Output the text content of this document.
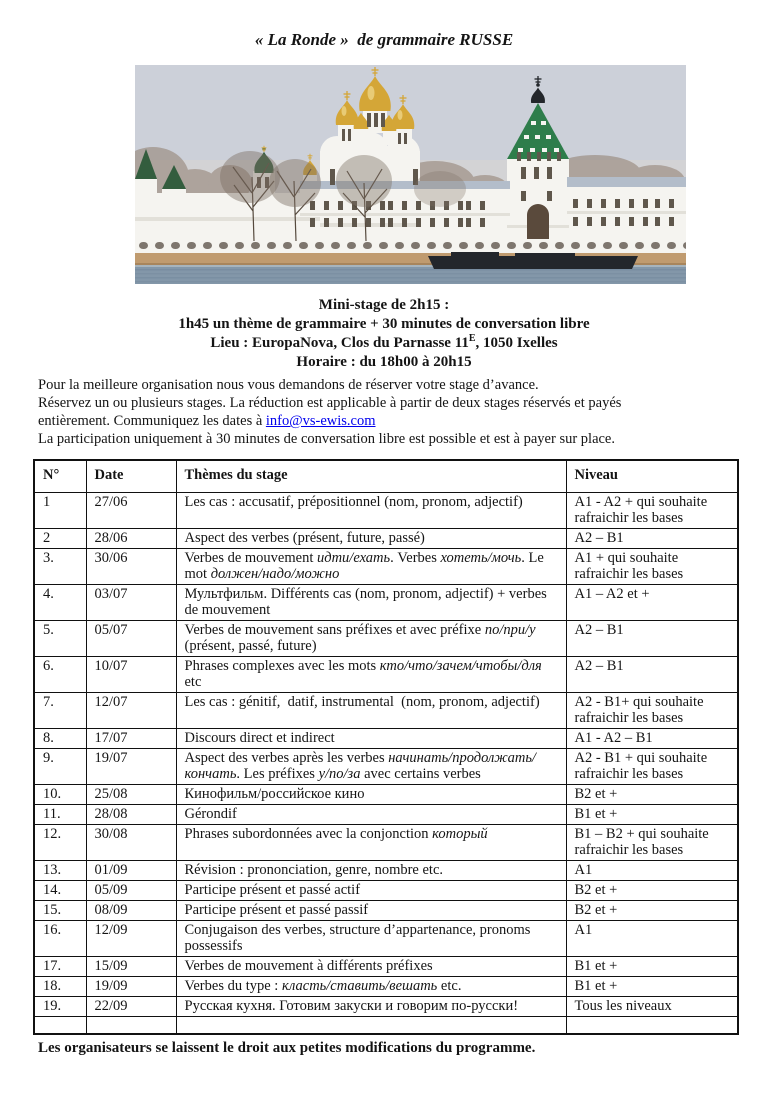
« La Ronde »  de grammaire RUSSE
Mini-stage de 2h15 :
1h45 un thème de grammaire + 30 minutes de conversation libre
Lieu : EuropaNova, Clos du Parnasse $11^E$, 1050 Ixelles
Horaire : du 18h00 à 20h15
Pour la meilleure organisation nous vous demandons de réserver votre stage d’avance.
Réservez un ou plusieurs stages. La réduction est applicable à partir de deux stages réservés et payés
entièrement. Communiquez les dates à info@vs-ewis.com
La participation uniquement à 30 minutes de conversation libre est possible et est à payer sur place.
N°	Date	Thèmes du stage	Niveau
1	27/06	Les cas : accusatif, prépositionnel (nom, pronom, adjectif)	A1 - A2 + qui souhaite rafraichir les bases
2	28/06	Aspect des verbes (présent, future, passé)	A2 – B1
3.	30/06	Verbes de mouvement идти/ехать. Verbes хотеть/мочь. Le mot должен/надо/можно	A1 + qui souhaite rafraichir les bases
4.	03/07	Мультфильм. Différents cas (nom, pronom, adjectif) + verbes de mouvement	A1 – A2 et +
5.	05/07	Verbes de mouvement sans préfixes et avec préfixe по/при/у (présent, passé, future)	A2 – B1
6.	10/07	Phrases complexes avec les mots кто/что/зачем/чтобы/для etc	A2 – B1
7.	12/07	Les cas : génitif,  datif, instrumental  (nom, pronom, adjectif)	A2 - B1+ qui souhaite rafraichir les bases
8.	17/07	Discours direct et indirect	A1 - A2 – B1
9.	19/07	Aspect des verbes après les verbes начинать/продолжать/кончать. Les préfixes у/по/за avec certains verbes	A2 - B1 + qui souhaite rafraichir les bases
10.	25/08	Кинофильм/российское кино	B2 et +
11.	28/08	Gérondif	B1 et +
12.	30/08	Phrases subordonnées avec la conjonction который	B1 – B2 + qui souhaite rafraichir les bases
13.	01/09	Révision : prononciation, genre, nombre etc.	A1
14.	05/09	Participe présent et passé actif	B2 et +
15.	08/09	Participe présent et passé passif	B2 et +
16.	12/09	Conjugaison des verbes, structure d’appartenance, pronoms possessifs	A1
17.	15/09	Verbes de mouvement à différents préfixes	B1 et +
18.	19/09	Verbes du type : класть/ставить/вешать etc.	B1 et +
19.	22/09	Русская кухня. Готовим закуски и говорим по-русски!	Tous les niveaux

Les organisateurs se laissent le droit aux petites modifications du programme.
